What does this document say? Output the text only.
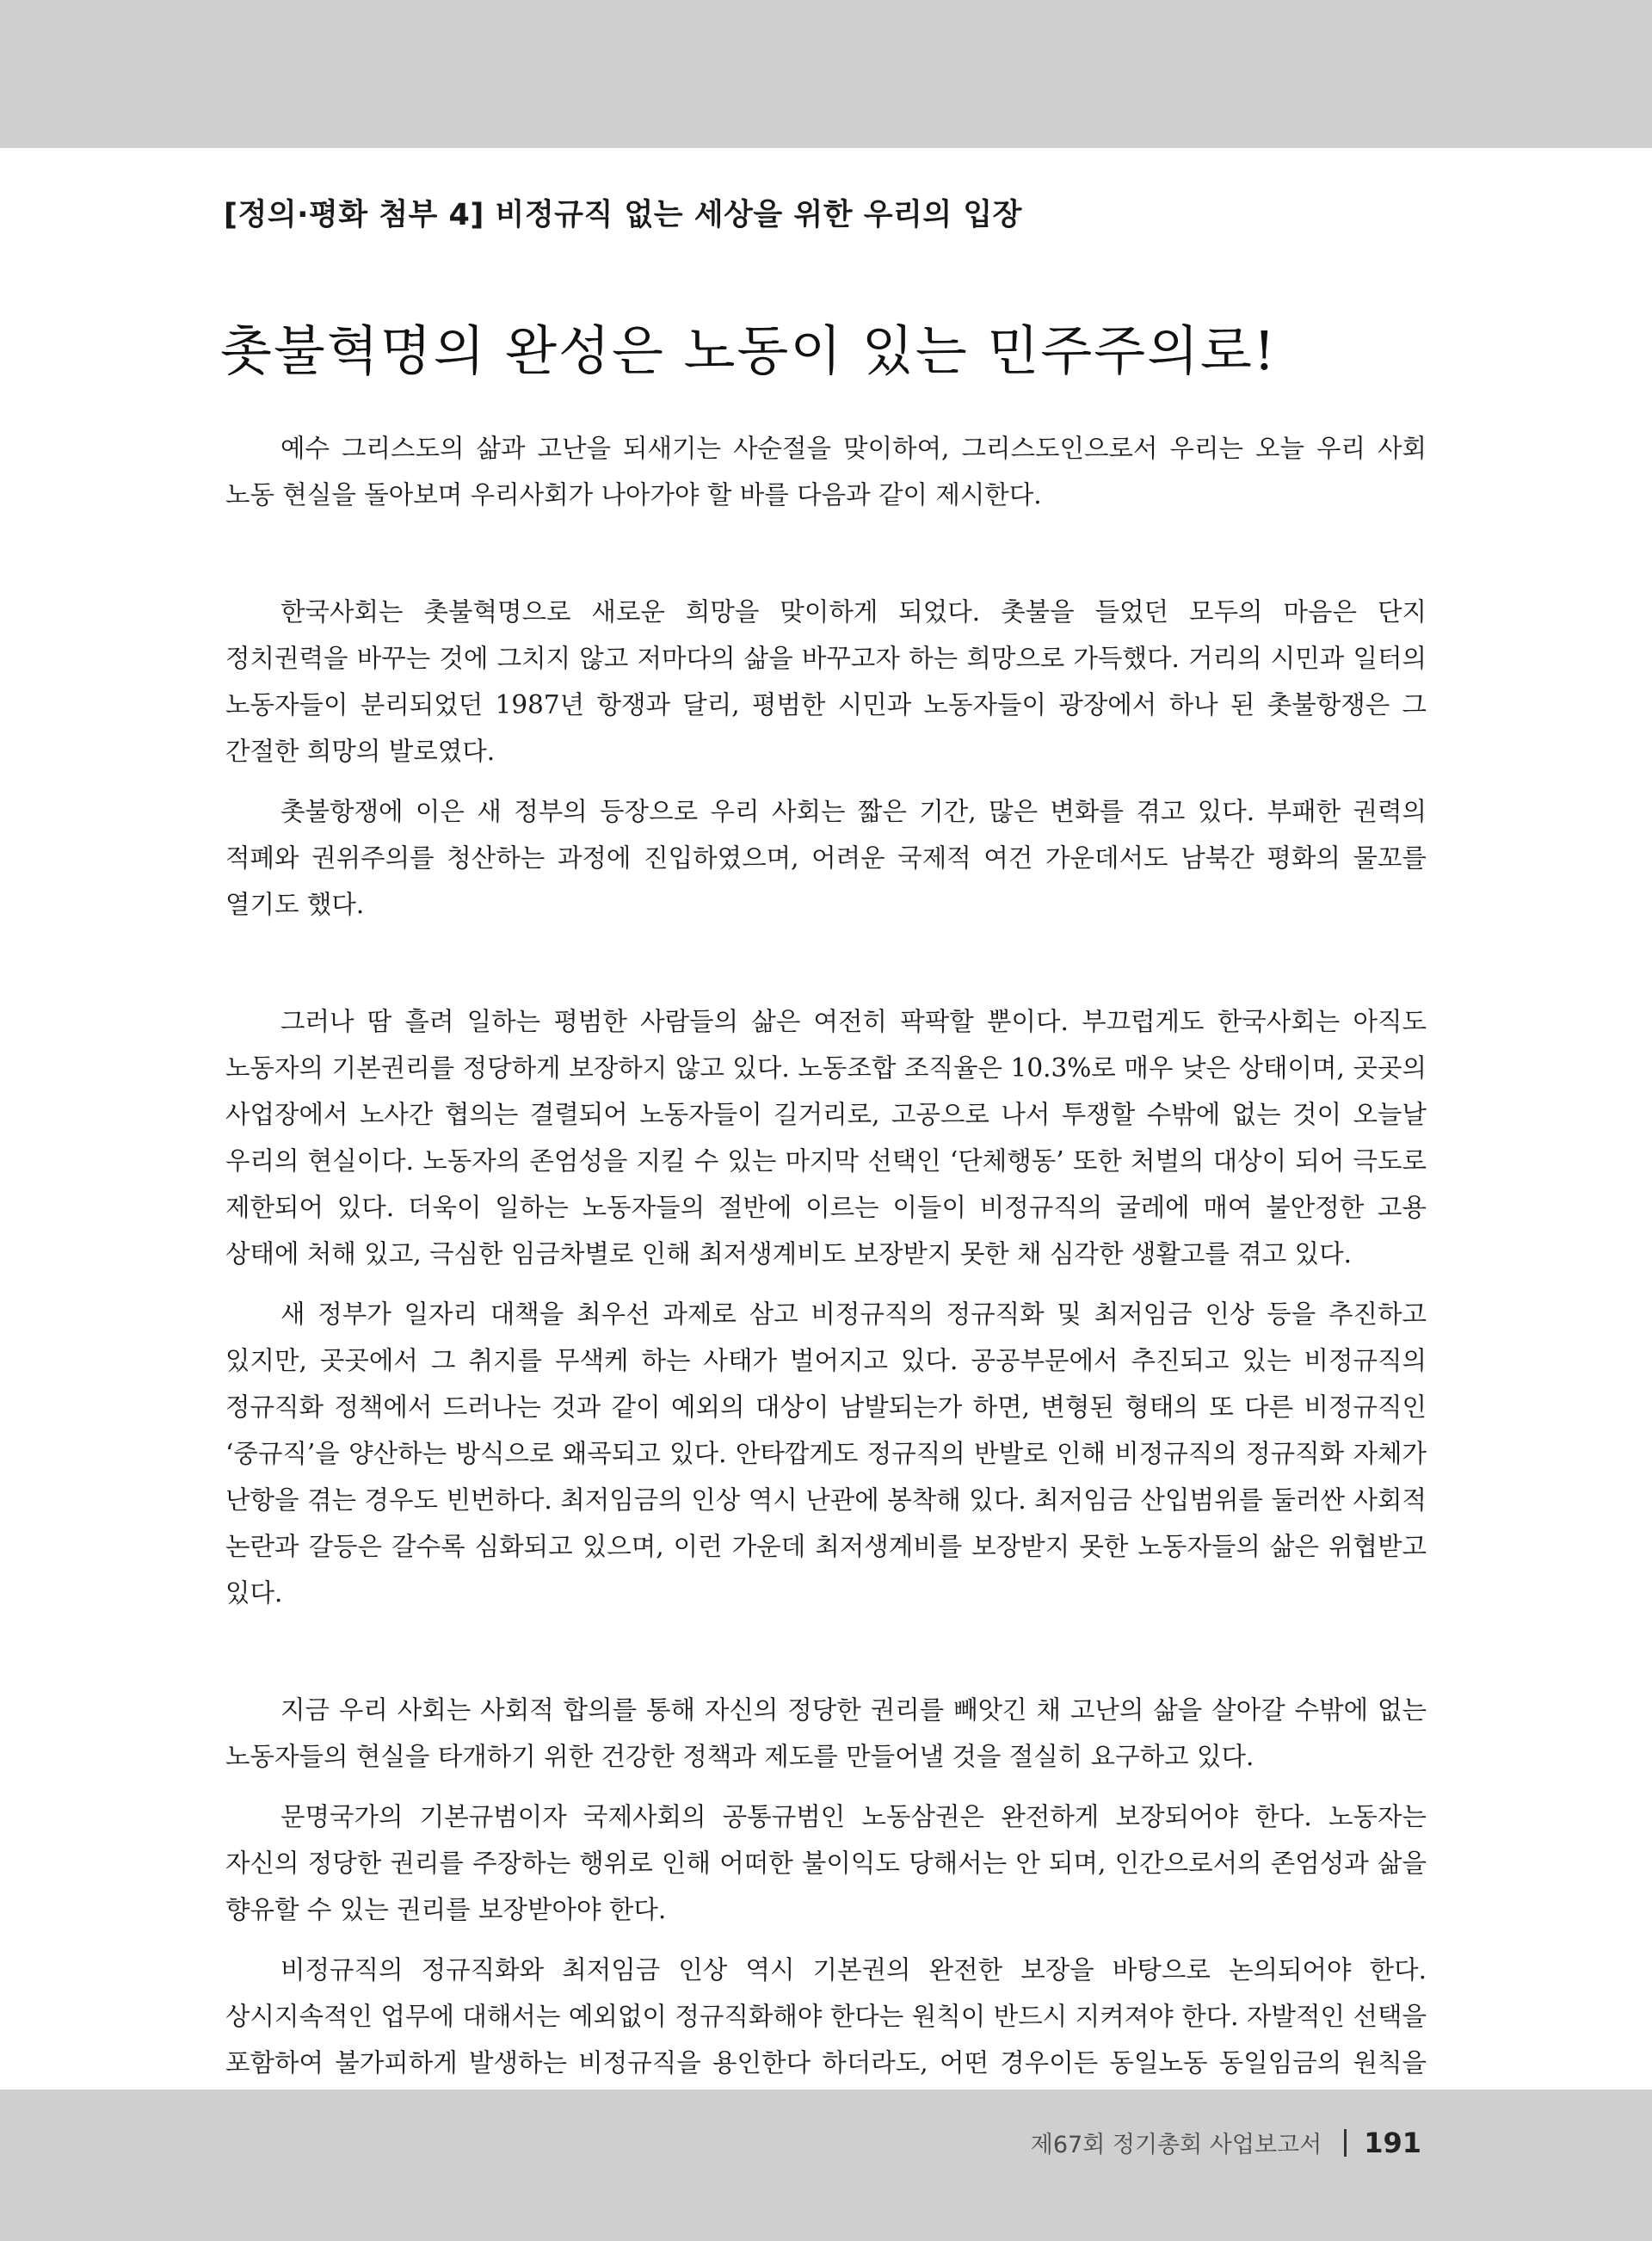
[정의·평화 첨부 4] 비정규직 없는 세상을 위한 우리의 입장
촛불혁명의 완성은 노동이 있는 민주주의로!

예수 그리스도의 삶과 고난을 되새기는 사순절을 맞이하여, 그리스도인으로서 우리는 오늘 우리 사회 노동 현실을 돌아보며 우리사회가 나아가야 할 바를 다음과 같이 제시한다.

한국사회는 촛불혁명으로 새로운 희망을 맞이하게 되었다. 촛불을 들었던 모두의 마음은 단지 정치권력을 바꾸는 것에 그치지 않고 저마다의 삶을 바꾸고자 하는 희망으로 가득했다. 거리의 시민과 일터의 노동자들이 분리되었던 1987년 항쟁과 달리, 평범한 시민과 노동자들이 광장에서 하나 된 촛불항쟁은 그 간절한 희망의 발로였다.

촛불항쟁에 이은 새 정부의 등장으로 우리 사회는 짧은 기간, 많은 변화를 겪고 있다. 부패한 권력의 적폐와 권위주의를 청산하는 과정에 진입하였으며, 어려운 국제적 여건 가운데서도 남북간 평화의 물꼬를 열기도 했다.

그러나 땀 흘려 일하는 평범한 사람들의 삶은 여전히 팍팍할 뿐이다. 부끄럽게도 한국사회는 아직도 노동자의 기본권리를 정당하게 보장하지 않고 있다. 노동조합 조직율은 10.3%로 매우 낮은 상태이며, 곳곳의 사업장에서 노사간 협의는 결렬되어 노동자들이 길거리로, 고공으로 나서 투쟁할 수밖에 없는 것이 오늘날 우리의 현실이다. 노동자의 존엄성을 지킬 수 있는 마지막 선택인 ‘단체행동’ 또한 처벌의 대상이 되어 극도로 제한되어 있다. 더욱이 일하는 노동자들의 절반에 이르는 이들이 비정규직의 굴레에 매여 불안정한 고용 상태에 처해 있고, 극심한 임금차별로 인해 최저생계비도 보장받지 못한 채 심각한 생활고를 겪고 있다.

새 정부가 일자리 대책을 최우선 과제로 삼고 비정규직의 정규직화 및 최저임금 인상 등을 추진하고 있지만, 곳곳에서 그 취지를 무색케 하는 사태가 벌어지고 있다. 공공부문에서 추진되고 있는 비정규직의 정규직화 정책에서 드러나는 것과 같이 예외의 대상이 남발되는가 하면, 변형된 형태의 또 다른 비정규직인 ‘중규직’을 양산하는 방식으로 왜곡되고 있다. 안타깝게도 정규직의 반발로 인해 비정규직의 정규직화 자체가 난항을 겪는 경우도 빈번하다. 최저임금의 인상 역시 난관에 봉착해 있다. 최저임금 산입범위를 둘러싼 사회적 논란과 갈등은 갈수록 심화되고 있으며, 이런 가운데 최저생계비를 보장받지 못한 노동자들의 삶은 위협받고 있다.

지금 우리 사회는 사회적 합의를 통해 자신의 정당한 권리를 빼앗긴 채 고난의 삶을 살아갈 수밖에 없는 노동자들의 현실을 타개하기 위한 건강한 정책과 제도를 만들어낼 것을 절실히 요구하고 있다.

문명국가의 기본규범이자 국제사회의 공통규범인 노동삼권은 완전하게 보장되어야 한다. 노동자는 자신의 정당한 권리를 주장하는 행위로 인해 어떠한 불이익도 당해서는 안 되며, 인간으로서의 존엄성과 삶을 향유할 수 있는 권리를 보장받아야 한다.

비정규직의 정규직화와 최저임금 인상 역시 기본권의 완전한 보장을 바탕으로 논의되어야 한다. 상시지속적인 업무에 대해서는 예외없이 정규직화해야 한다는 원칙이 반드시 지켜져야 한다. 자발적인 선택을 포함하여 불가피하게 발생하는 비정규직을 용인한다 하더라도, 어떤 경우이든 동일노동 동일임금의 원칙을

제67회 정기총회 사업보고서 191
